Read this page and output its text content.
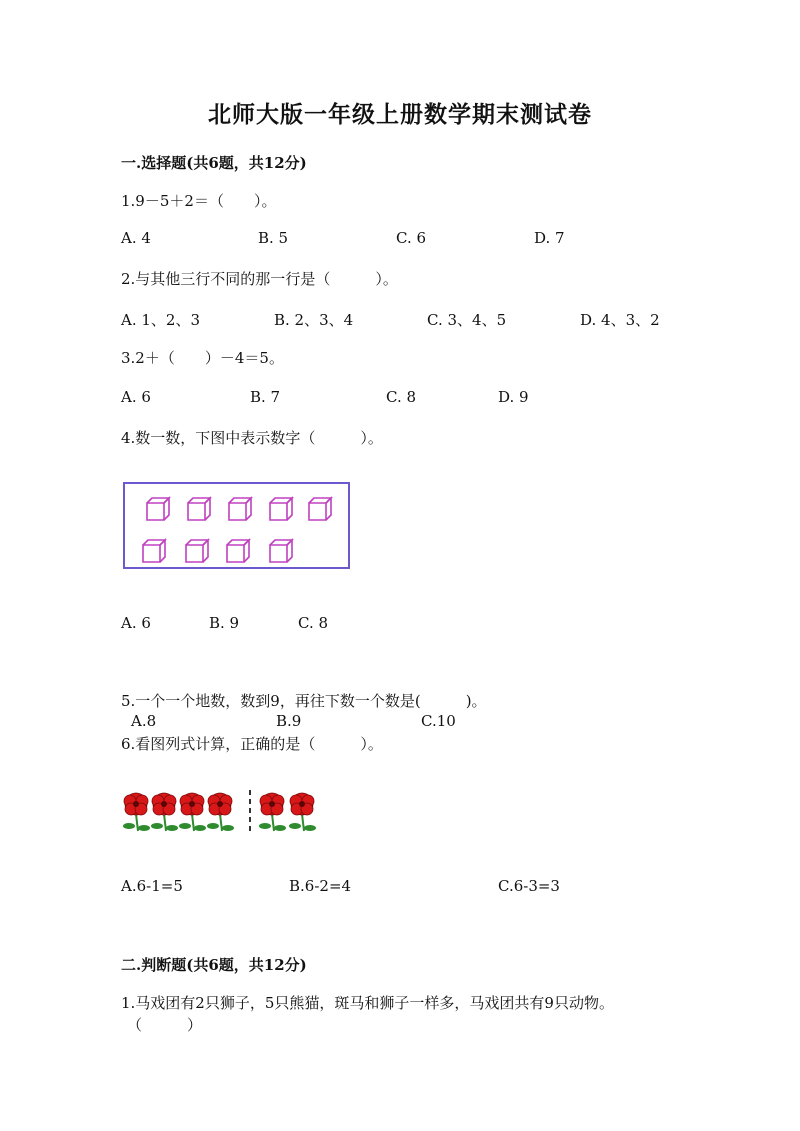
北师大版一年级上册数学期末测试卷
一.选择题(共6题，共12分)
1.9－5＋2＝（　　）。
A. 4	B. 5	C. 6	D. 7
2.与其他三行不同的那一行是（　　　）。
A. 1、2、3	B. 2、3、4	C. 3、4、5	D. 4、3、2
3.2＋（　　）－4＝5。
A. 6	B. 7	C. 8	D. 9
4.数一数，下图中表示数字（　　　）。
A. 6	B. 9	C. 8
5.一个一个地数，数到9，再往下数一个数是(　　　)。
A.8	B.9	C.10
6.看图列式计算，正确的是（　　　）。
A.6-1=5	B.6-2=4	C.6-3=3
二.判断题(共6题，共12分)
1.马戏团有2只狮子，5只熊猫，斑马和狮子一样多，马戏团共有9只动物。
（　　　）
